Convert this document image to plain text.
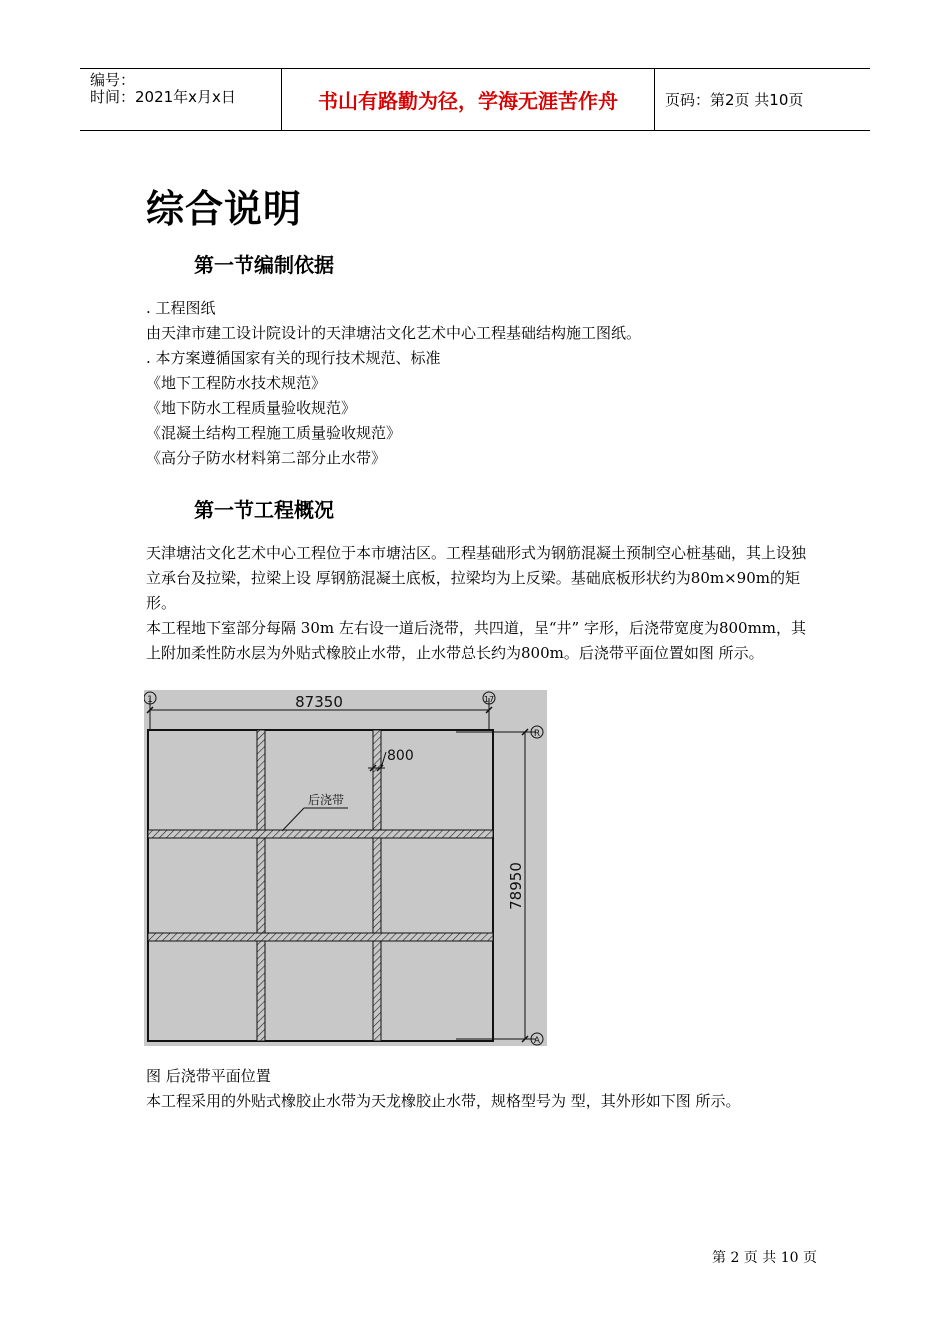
编号：
时间：2021年x月x日	书山有路勤为径，学海无涯苦作舟	页码：第2页 共10页
综合说明
第一节编制依据

. 工程图纸

由天津市建工设计院设计的天津塘沽文化艺术中心工程基础结构施工图纸。

. 本方案遵循国家有关的现行技术规范、标准

《地下工程防水技术规范》

《地下防水工程质量验收规范》

《混凝土结构工程施工质量验收规范》

《高分子防水材料第二部分止水带》

第一节工程概况

天津塘沽文化艺术中心工程位于本市塘沽区。工程基础形式为钢筋混凝土预制空心桩基础，其上设独立承台及拉梁，拉梁上设 厚钢筋混凝土底板，拉梁均为上反梁。基础底板形状约为80m×90m的矩形。

本工程地下室部分每隔 30m 左右设一道后浇带，共四道，呈“井” 字形，后浇带宽度为800mm，其上附加柔性防水层为外贴式橡胶止水带，止水带总长约为800m。后浇带平面位置如图 所示。

87350
1	17
78950
R
A
800
后浇带
图 后浇带平面位置
本工程采用的外贴式橡胶止水带为天龙橡胶止水带，规格型号为 型，其外形如下图 所示。
第 2 页 共 10 页
